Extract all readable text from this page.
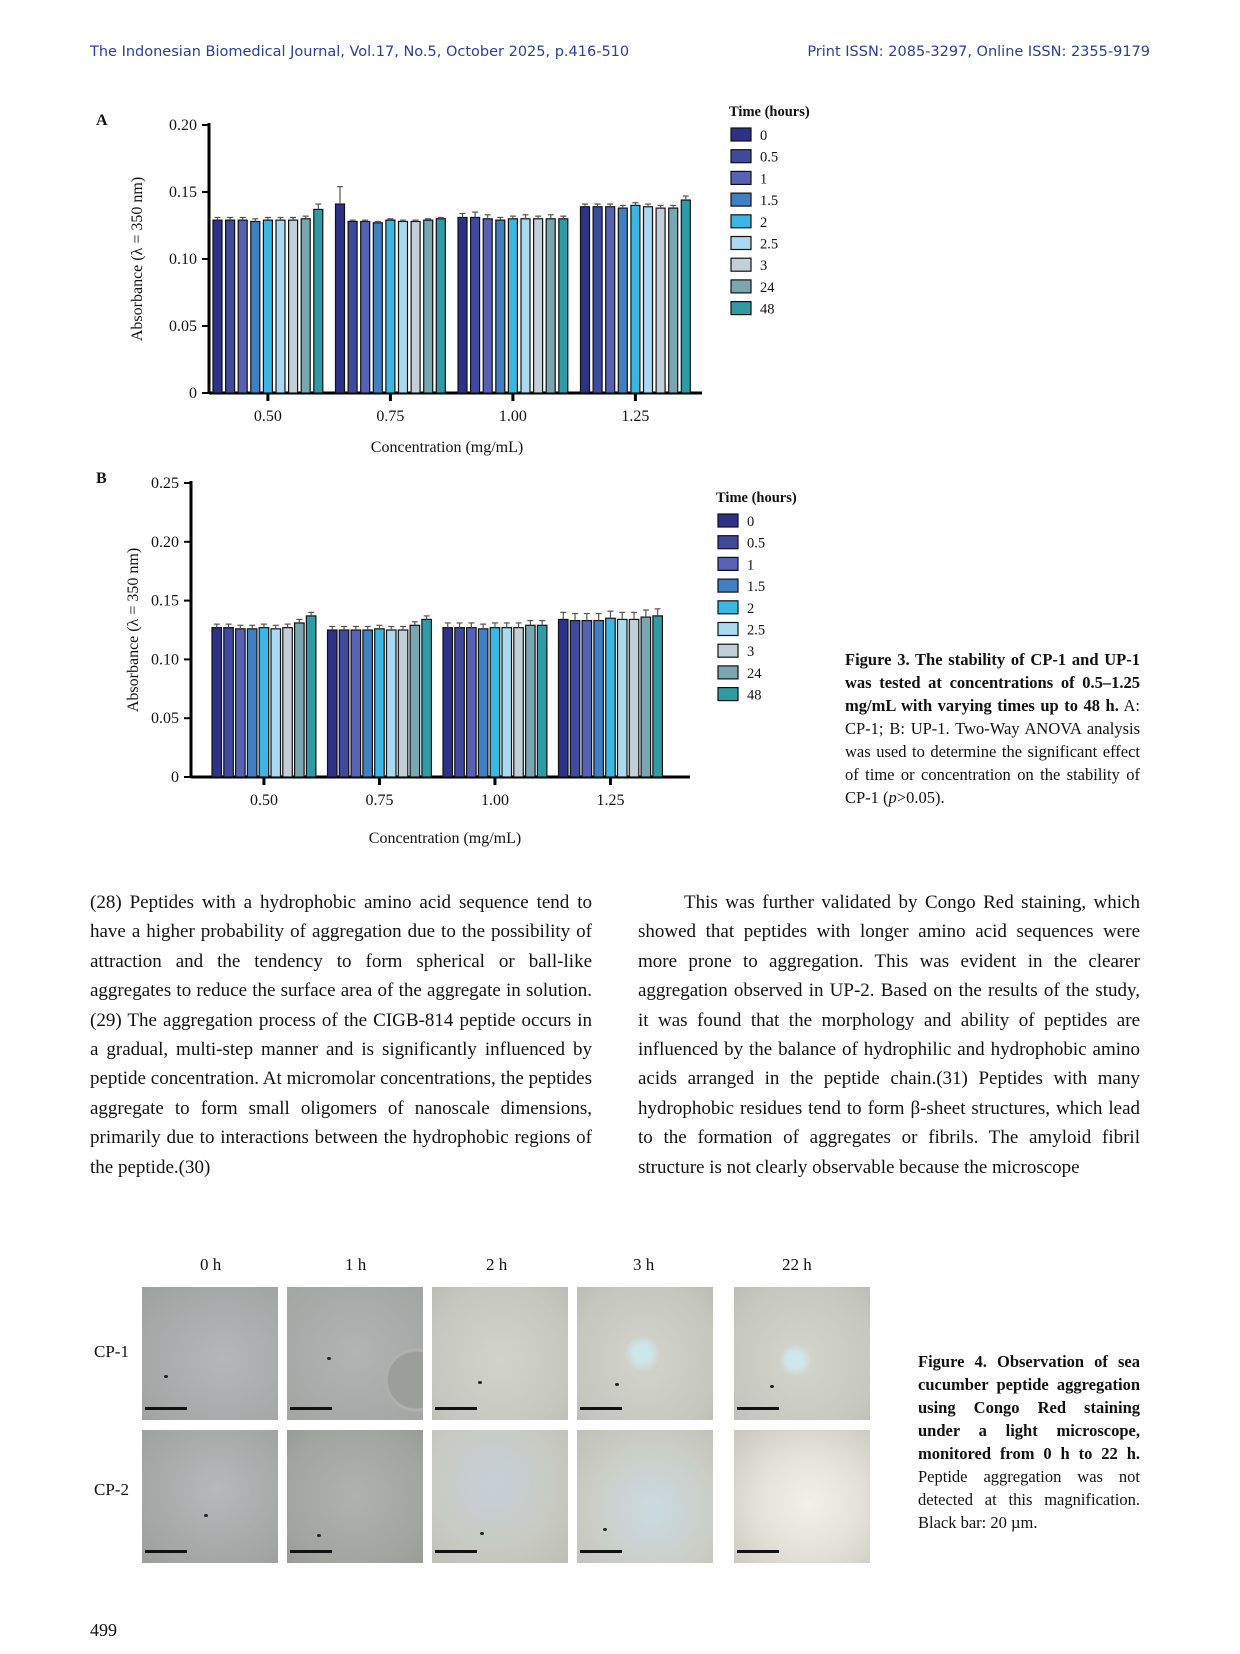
The Indonesian Biomedical Journal, Vol.17, No.5, October 2025, p.416-510	Print ISSN: 2085-3297, Online ISSN: 2355-9179
A
0
0.05
0.10
0.15
0.20
Absorbance (λ = 350 nm)
0.50	0.75	1.00	1.25
Concentration (mg/mL)
Time (hours)
0
0.5
1
1.5
2
2.5
3
24
48
B
0
0.05
0.10
0.15
0.20
0.25
Absorbance (λ = 350 nm)
0.50	0.75	1.00	1.25
Concentration (mg/mL)
Time (hours)
0
0.5
1
1.5
2
2.5
3
24
48
Figure 3. The stability of CP-1 and UP-1 was tested at concentrations of 0.5–1.25 mg/mL with varying times up to 48 h. A: CP-1; B: UP-1. Two-Way ANOVA analysis was used to determine the significant effect of time or concentration on the stability of CP-1 (p>0.05).
(28) Peptides with a hydrophobic amino acid sequence tend to have a higher probability of aggregation due to the possibility of attraction and the tendency to form spherical or ball-like aggregates to reduce the surface area of the aggregate in solution.(29) The aggregation process of the CIGB-814 peptide occurs in a gradual, multi-step manner and is significantly influenced by peptide concentration. At micromolar concentrations, the peptides aggregate to form small oligomers of nanoscale dimensions, primarily due to interactions between the hydrophobic regions of the peptide.(30)
This was further validated by Congo Red staining, which showed that peptides with longer amino acid sequences were more prone to aggregation. This was evident in the clearer aggregation observed in UP-2. Based on the results of the study, it was found that the morphology and ability of peptides are influenced by the balance of hydrophilic and hydrophobic amino acids arranged in the peptide chain.(31) Peptides with many hydrophobic residues tend to form β-sheet structures, which lead to the formation of aggregates or fibrils. The amyloid fibril structure is not clearly observable because the microscope
0 h	1 h	2 h	3 h	22 h
CP-1
CP-2
Figure 4. Observation of sea cucumber peptide aggregation using Congo Red staining under a light microscope, monitored from 0 h to 22 h. Peptide aggregation was not detected at this magnification. Black bar: 20 µm.
499
